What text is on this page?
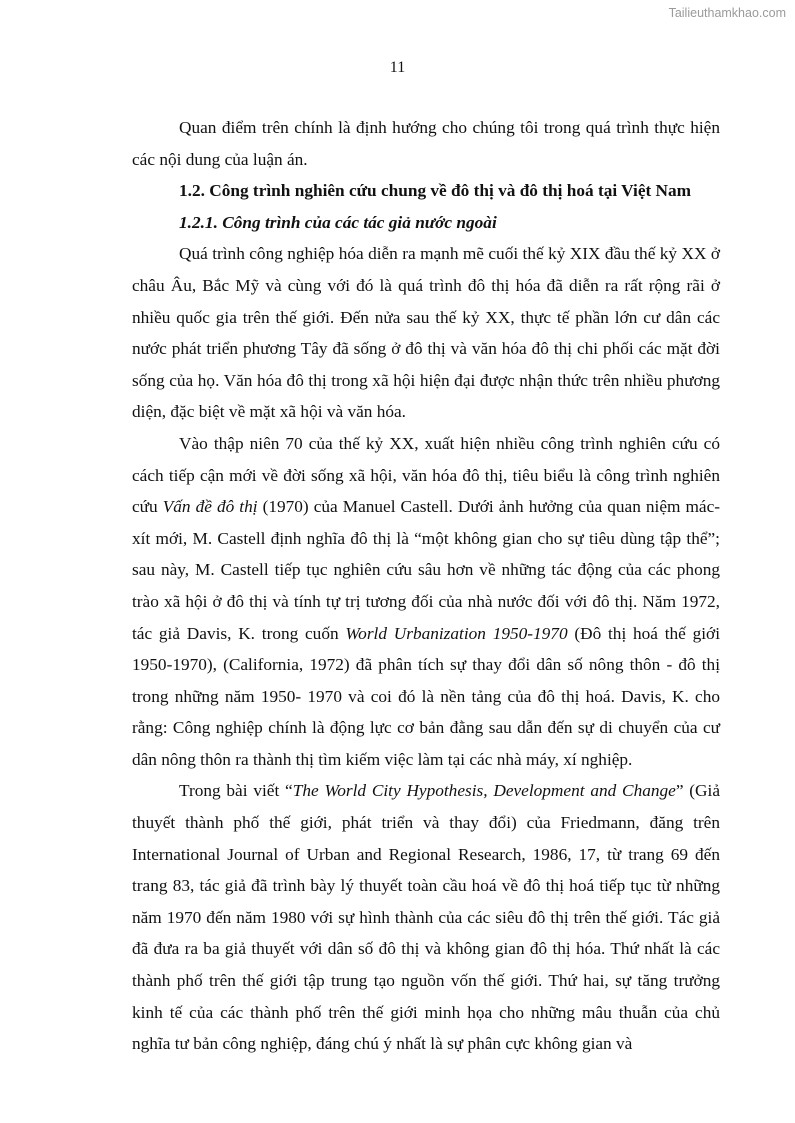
Tailieuthamkhao.com
11

Quan điểm trên chính là định hướng cho chúng tôi trong quá trình thực hiện các nội dung của luận án.

1.2. Công trình nghiên cứu chung về đô thị và đô thị hoá tại Việt Nam
1.2.1. Công trình của các tác giả nước ngoài

Quá trình công nghiệp hóa diễn ra mạnh mẽ cuối thế kỷ XIX đầu thế kỷ XX ở châu Âu, Bắc Mỹ và cùng với đó là quá trình đô thị hóa đã diễn ra rất rộng rãi ở nhiều quốc gia trên thế giới. Đến nửa sau thế kỷ XX, thực tế phần lớn cư dân các nước phát triển phương Tây đã sống ở đô thị và văn hóa đô thị chi phối các mặt đời sống của họ. Văn hóa đô thị trong xã hội hiện đại được nhận thức trên nhiều phương diện, đặc biệt về mặt xã hội và văn hóa.

Vào thập niên 70 của thế kỷ XX, xuất hiện nhiều công trình nghiên cứu có cách tiếp cận mới về đời sống xã hội, văn hóa đô thị, tiêu biểu là công trình nghiên cứu Vấn đề đô thị (1970) của Manuel Castell. Dưới ảnh hưởng của quan niệm mác-xít mới, M. Castell định nghĩa đô thị là “một không gian cho sự tiêu dùng tập thể”; sau này, M. Castell tiếp tục nghiên cứu sâu hơn về những tác động của các phong trào xã hội ở đô thị và tính tự trị tương đối của nhà nước đối với đô thị. Năm 1972, tác giả Davis, K. trong cuốn World Urbanization 1950-1970 (Đô thị hoá thế giới 1950-1970), (California, 1972) đã phân tích sự thay đổi dân số nông thôn - đô thị trong những năm 1950- 1970 và coi đó là nền tảng của đô thị hoá. Davis, K. cho rằng: Công nghiệp chính là động lực cơ bản đằng sau dẫn đến sự di chuyển của cư dân nông thôn ra thành thị tìm kiếm việc làm tại các nhà máy, xí nghiệp.

Trong bài viết “The World City Hypothesis, Development and Change” (Giả thuyết thành phố thế giới, phát triển và thay đổi) của Friedmann, đăng trên International Journal of Urban and Regional Research, 1986, 17, từ trang 69 đến trang 83, tác giả đã trình bày lý thuyết toàn cầu hoá về đô thị hoá tiếp tục từ những năm 1970 đến năm 1980 với sự hình thành của các siêu đô thị trên thế giới. Tác giả đã đưa ra ba giả thuyết với dân số đô thị và không gian đô thị hóa. Thứ nhất là các thành phố trên thế giới tập trung tạo nguồn vốn thế giới. Thứ hai, sự tăng trưởng kinh tế của các thành phố trên thế giới minh họa cho những mâu thuẫn của chủ nghĩa tư bản công nghiệp, đáng chú ý nhất là sự phân cực không gian và
